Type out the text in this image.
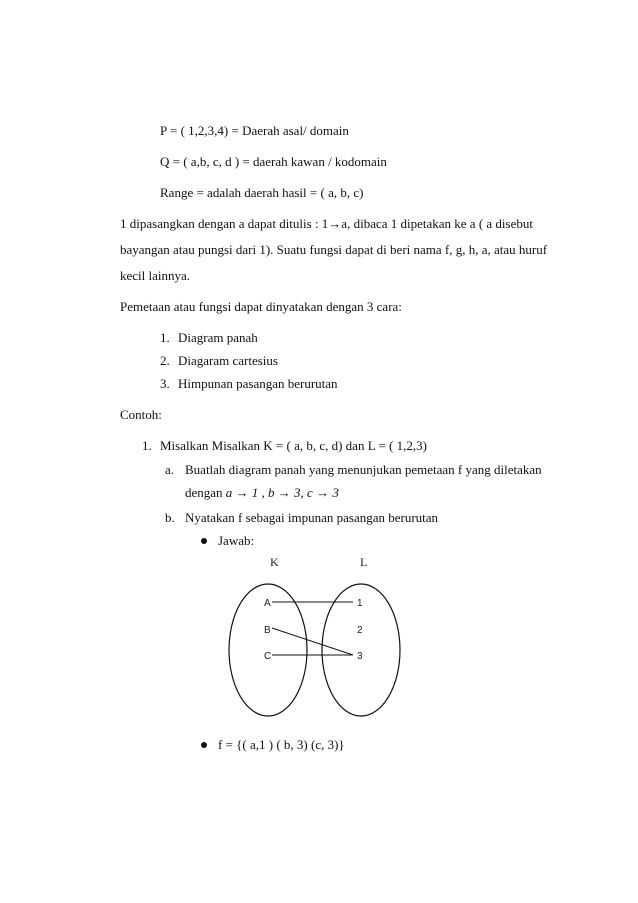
P = ( 1,2,3,4) = Daerah asal/ domain
Q = ( a,b, c, d ) = daerah kawan / kodomain
Range = adalah daerah hasil = ( a, b, c)
1 dipasangkan dengan a dapat ditulis : 1→a, dibaca 1 dipetakan ke a ( a disebut
bayangan atau pungsi dari 1). Suatu fungsi dapat di beri nama f, g, h, a, atau huruf
kecil lainnya.
Pemetaan atau fungsi dapat dinyatakan dengan 3 cara:
1. Diagram panah
2. Diagaram cartesius
3. Himpunan pasangan berurutan
Contoh:
1. Misalkan Misalkan K = ( a, b, c, d) dan L = ( 1,2,3)
a. Buatlah diagram panah yang menunjukan pemetaan f yang diletakan
dengan a → 1 , b → 3, c → 3
b. Nyatakan f sebagai impunan pasangan berurutan
Jawab:
K	L
A
B
C
1
2
3
f = {( a,1 ) ( b, 3) (c, 3)}
